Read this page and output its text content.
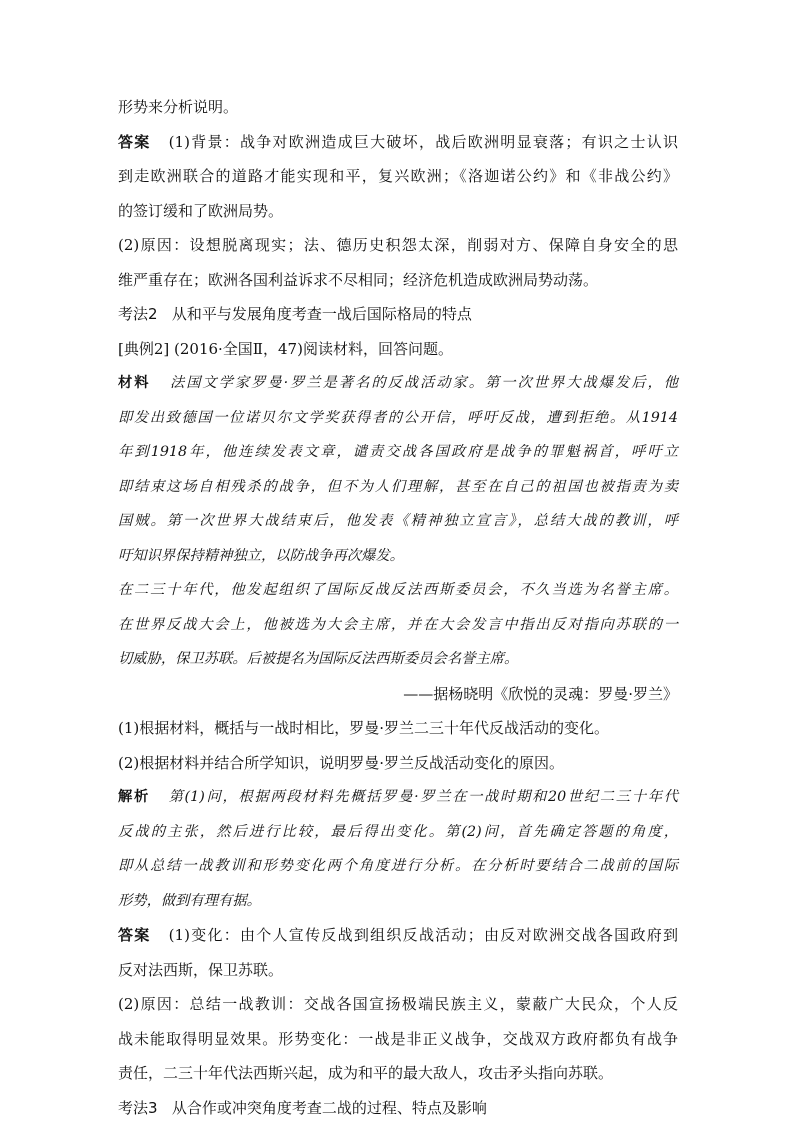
形势来分析说明。
答案 (1)背景：战争对欧洲造成巨大破坏，战后欧洲明显衰落；有识之士认识
到走欧洲联合的道路才能实现和平，复兴欧洲；《洛迦诺公约》和《非战公约》
的签订缓和了欧洲局势。
(2)原因：设想脱离现实；法、德历史积怨太深，削弱对方、保障自身安全的思
维严重存在；欧洲各国利益诉求不尽相同；经济危机造成欧洲局势动荡。
考法2 从和平与发展角度考查一战后国际格局的特点
[典例2] (2016·全国Ⅱ，47)阅读材料，回答问题。
材料 法国文学家罗曼·罗兰是著名的反战活动家。第一次世界大战爆发后，他
即发出致德国一位诺贝尔文学奖获得者的公开信，呼吁反战，遭到拒绝。从1914
年到1918年，他连续发表文章，谴责交战各国政府是战争的罪魁祸首，呼吁立
即结束这场自相残杀的战争，但不为人们理解，甚至在自己的祖国也被指责为卖
国贼。第一次世界大战结束后，他发表《精神独立宣言》，总结大战的教训，呼
吁知识界保持精神独立，以防战争再次爆发。
在二三十年代，他发起组织了国际反战反法西斯委员会，不久当选为名誉主席。
在世界反战大会上，他被选为大会主席，并在大会发言中指出反对指向苏联的一
切威胁，保卫苏联。后被提名为国际反法西斯委员会名誉主席。
——据杨晓明《欣悦的灵魂：罗曼·罗兰》
(1)根据材料，概括与一战时相比，罗曼·罗兰二三十年代反战活动的变化。
(2)根据材料并结合所学知识，说明罗曼·罗兰反战活动变化的原因。
解析 第(1)问，根据两段材料先概括罗曼·罗兰在一战时期和20世纪二三十年代
反战的主张，然后进行比较，最后得出变化。第(2)问，首先确定答题的角度，
即从总结一战教训和形势变化两个角度进行分析。在分析时要结合二战前的国际
形势，做到有理有据。
答案 (1)变化：由个人宣传反战到组织反战活动；由反对欧洲交战各国政府到
反对法西斯，保卫苏联。
(2)原因：总结一战教训：交战各国宣扬极端民族主义，蒙蔽广大民众，个人反
战未能取得明显效果。形势变化：一战是非正义战争，交战双方政府都负有战争
责任，二三十年代法西斯兴起，成为和平的最大敌人，攻击矛头指向苏联。
考法3 从合作或冲突角度考查二战的过程、特点及影响
